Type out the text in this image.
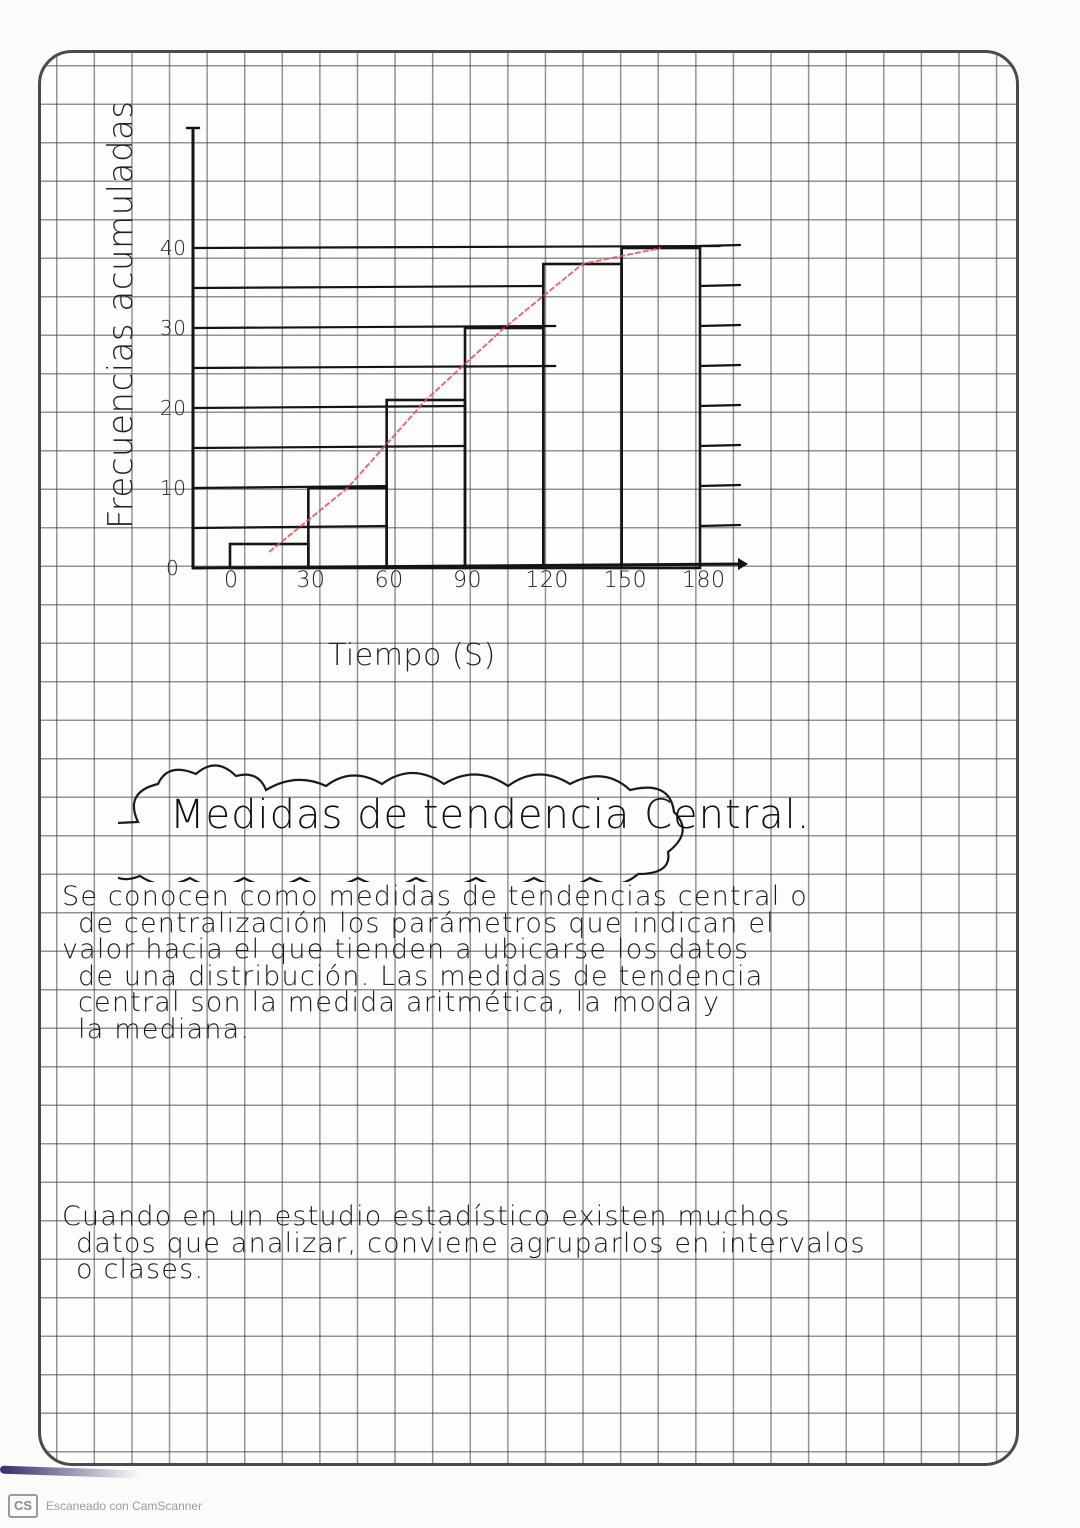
Frecuencias acumuladas
0
10
20
30
40
0	30 60 90 120 150 180
Tiempo (S)
Medidas de tendencia Central.
Se conocen como medidas de tendencias central o
de centralización los parámetros que indican el
valor hacia el que tienden a ubicarse los datos
de una distribución. Las medidas de tendencia
central son la medida aritmética, la moda y
la mediana.
Cuando en un estudio estadístico existen muchos
datos que analizar, conviene agruparlos en intervalos
o clases.
CS	Escaneado con CamScanner
